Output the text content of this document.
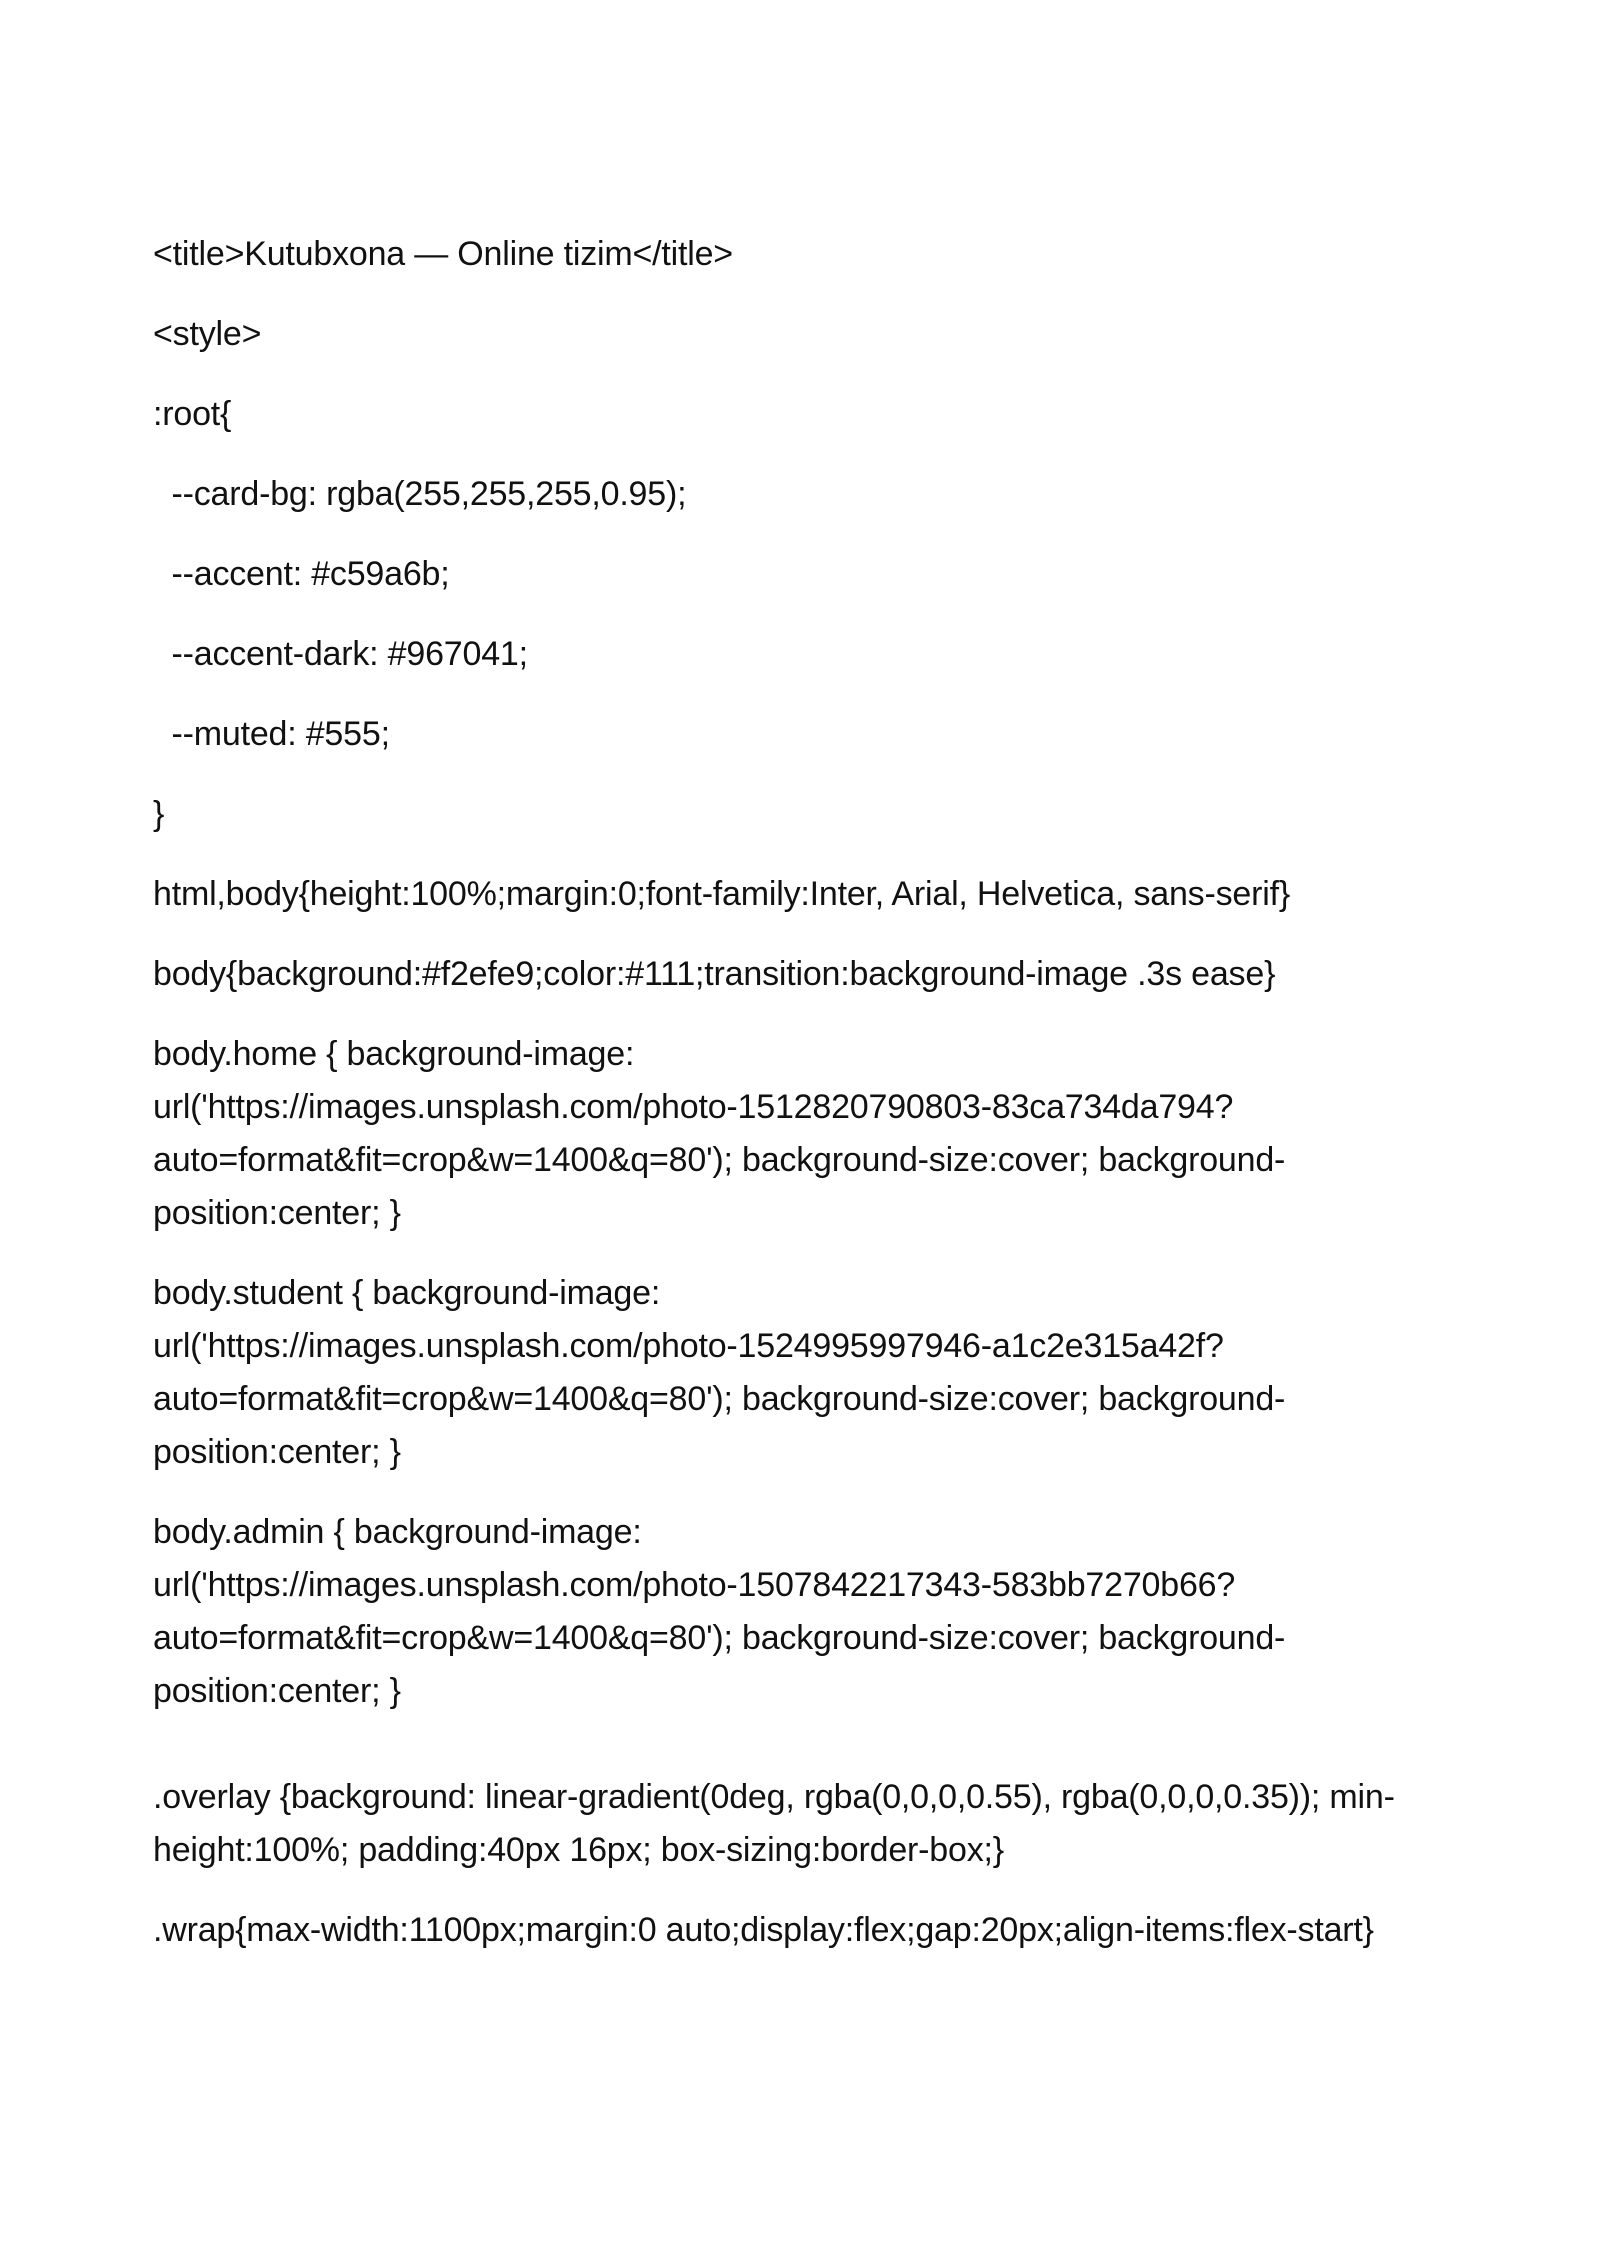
<title>Kutubxona — Online tizim</title>

<style>

:root{

--card-bg: rgba(255,255,255,0.95);

--accent: #c59a6b;

--accent-dark: #967041;

--muted: #555;

}

html,body{height:100%;margin:0;font-family:Inter, Arial, Helvetica, sans-serif}

body{background:#f2efe9;color:#111;transition:background-image .3s ease}

body.home { background-image:

url('https://images.unsplash.com/photo-1512820790803-83ca734da794?

auto=format&fit=crop&w=1400&q=80'); background-size:cover; background-

position:center; }

body.student { background-image:

url('https://images.unsplash.com/photo-1524995997946-a1c2e315a42f?

auto=format&fit=crop&w=1400&q=80'); background-size:cover; background-

position:center; }

body.admin { background-image:

url('https://images.unsplash.com/photo-1507842217343-583bb7270b66?

auto=format&fit=crop&w=1400&q=80'); background-size:cover; background-

position:center; }

.overlay {background: linear-gradient(0deg, rgba(0,0,0,0.55), rgba(0,0,0,0.35)); min-

height:100%; padding:40px 16px; box-sizing:border-box;}

.wrap{max-width:1100px;margin:0 auto;display:flex;gap:20px;align-items:flex-start}
